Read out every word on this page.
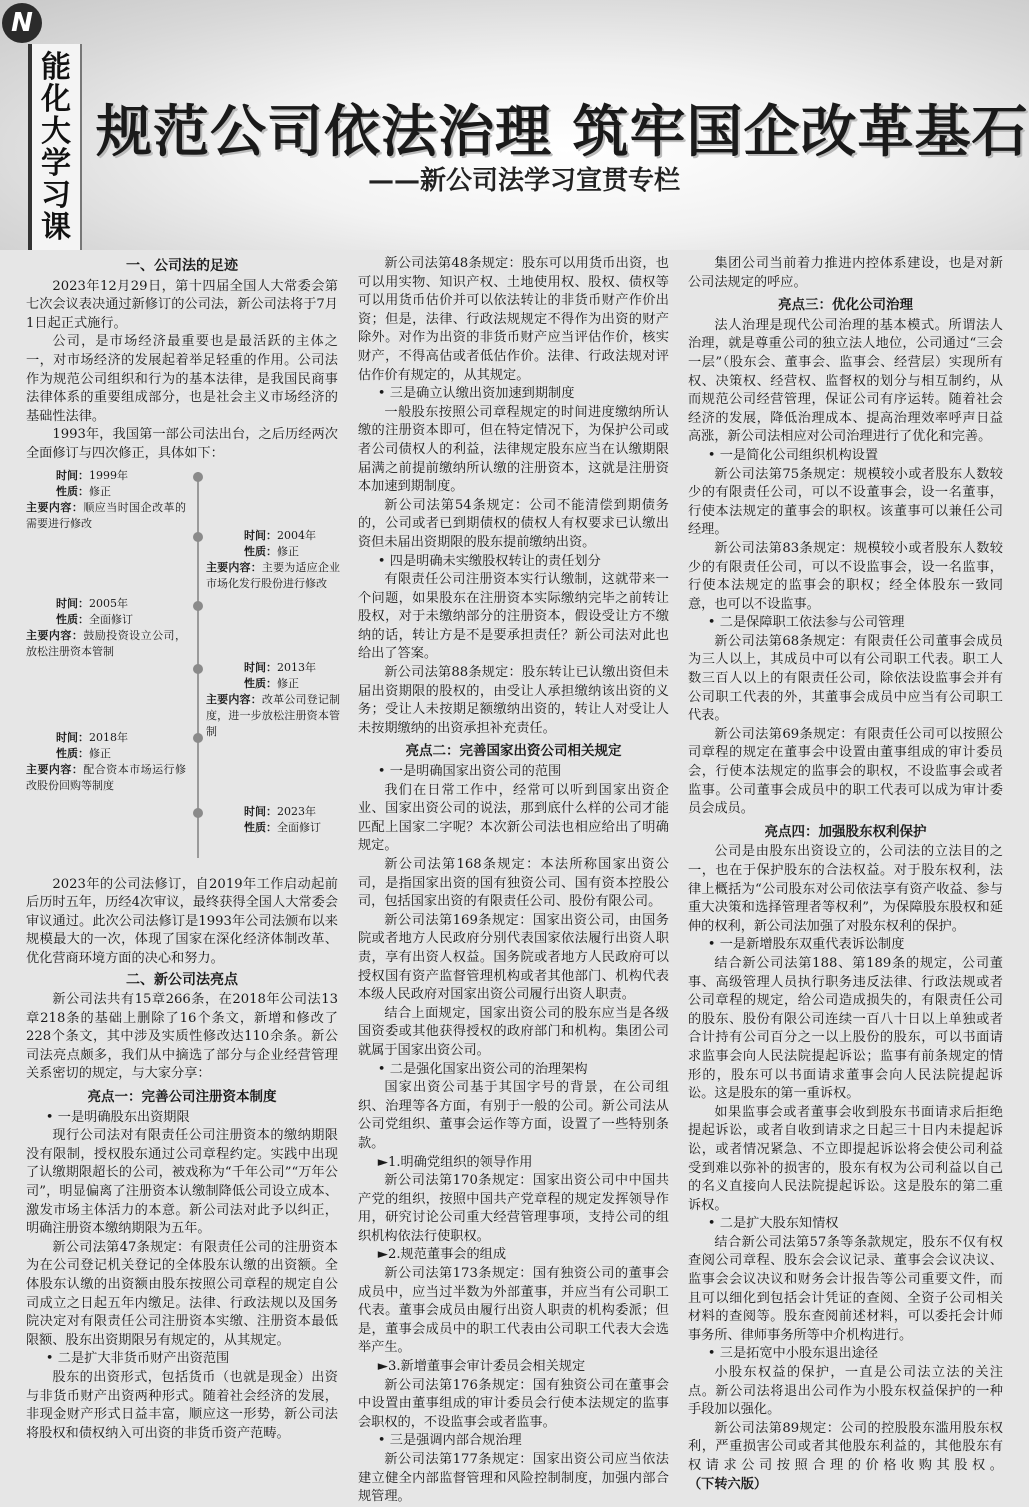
N
能
化
大
学
习
课
规范公司依法治理 筑牢国企改革基石
——新公司法学习宣贯专栏
一、公司法的足迹

2023年12月29日，第十四届全国人大常委会第七次会议表决通过新修订的公司法，新公司法将于7月1日起正式施行。

公司，是市场经济最重要也是最活跃的主体之一，对市场经济的发展起着举足轻重的作用。公司法作为规范公司组织和行为的基本法律，是我国民商事法律体系的重要组成部分，也是社会主义市场经济的基础性法律。

1993年，我国第一部公司法出台，之后历经两次全面修订与四次修正，具体如下：

时间：1999年
性质：修正
主要内容：顺应当时国企改革的需要进行修改
时间：2004年
性质：修正
主要内容：主要为适应企业市场化发行股份进行修改
时间：2005年
性质：全面修订
主要内容：鼓励投资设立公司，放松注册资本管制
时间：2013年
性质：修正
主要内容：改革公司登记制度，进一步放松注册资本管制
时间：2018年
性质：修正
主要内容：配合资本市场运行修改股份回购等制度
时间：2023年
性质：全面修订

2023年的公司法修订，自2019年工作启动起前后历时五年，历经4次审议，最终获得全国人大常委会审议通过。此次公司法修订是1993年公司法颁布以来规模最大的一次，体现了国家在深化经济体制改革、优化营商环境方面的决心和努力。

二、新公司法亮点

新公司法共有15章266条，在2018年公司法13章218条的基础上删除了16个条文，新增和修改了228个条文，其中涉及实质性修改达110余条。新公司法亮点颇多，我们从中摘选了部分与企业经营管理关系密切的规定，与大家分享：

亮点一：完善公司注册资本制度

• 一是明确股东出资期限

现行公司法对有限责任公司注册资本的缴纳期限没有限制，授权股东通过公司章程约定。实践中出现了认缴期限超长的公司，被戏称为“千年公司”“万年公司”，明显偏离了注册资本认缴制降低公司设立成本、激发市场主体活力的本意。新公司法对此予以纠正，明确注册资本缴纳期限为五年。

新公司法第47条规定：有限责任公司的注册资本为在公司登记机关登记的全体股东认缴的出资额。全体股东认缴的出资额由股东按照公司章程的规定自公司成立之日起五年内缴足。法律、行政法规以及国务院决定对有限责任公司注册资本实缴、注册资本最低限额、股东出资期限另有规定的，从其规定。

• 二是扩大非货币财产出资范围

股东的出资形式，包括货币（也就是现金）出资与非货币财产出资两种形式。随着社会经济的发展，非现金财产形式日益丰富，顺应这一形势，新公司法将股权和债权纳入可出资的非货币资产范畴。

新公司法第48条规定：股东可以用货币出资，也可以用实物、知识产权、土地使用权、股权、债权等可以用货币估价并可以依法转让的非货币财产作价出资；但是，法律、行政法规规定不得作为出资的财产除外。对作为出资的非货币财产应当评估作价，核实财产，不得高估或者低估作价。法律、行政法规对评估作价有规定的，从其规定。

• 三是确立认缴出资加速到期制度

一般股东按照公司章程规定的时间进度缴纳所认缴的注册资本即可，但在特定情况下，为保护公司或者公司债权人的利益，法律规定股东应当在认缴期限届满之前提前缴纳所认缴的注册资本，这就是注册资本加速到期制度。

新公司法第54条规定：公司不能清偿到期债务的，公司或者已到期债权的债权人有权要求已认缴出资但未届出资期限的股东提前缴纳出资。

• 四是明确未实缴股权转让的责任划分

有限责任公司注册资本实行认缴制，这就带来一个问题，如果股东在注册资本实际缴纳完毕之前转让股权，对于未缴纳部分的注册资本，假设受让方不缴纳的话，转让方是不是要承担责任？新公司法对此也给出了答案。

新公司法第88条规定：股东转让已认缴出资但未届出资期限的股权的，由受让人承担缴纳该出资的义务；受让人未按期足额缴纳出资的，转让人对受让人未按期缴纳的出资承担补充责任。

亮点二：完善国家出资公司相关规定

• 一是明确国家出资公司的范围

我们在日常工作中，经常可以听到国家出资企业、国家出资公司的说法，那到底什么样的公司才能匹配上国家二字呢？本次新公司法也相应给出了明确规定。

新公司法第168条规定：本法所称国家出资公司，是指国家出资的国有独资公司、国有资本控股公司，包括国家出资的有限责任公司、股份有限公司。

新公司法第169条规定：国家出资公司，由国务院或者地方人民政府分别代表国家依法履行出资人职责，享有出资人权益。国务院或者地方人民政府可以授权国有资产监督管理机构或者其他部门、机构代表本级人民政府对国家出资公司履行出资人职责。

结合上面规定，国家出资公司的股东应当是各级国资委或其他获得授权的政府部门和机构。集团公司就属于国家出资公司。

• 二是强化国家出资公司的治理架构

国家出资公司基于其国字号的背景，在公司组织、治理等各方面，有别于一般的公司。新公司法从公司党组织、董事会运作等方面，设置了一些特别条款。

►1.明确党组织的领导作用

新公司法第170条规定：国家出资公司中中国共产党的组织，按照中国共产党章程的规定发挥领导作用，研究讨论公司重大经营管理事项，支持公司的组织机构依法行使职权。

►2.规范董事会的组成

新公司法第173条规定：国有独资公司的董事会成员中，应当过半数为外部董事，并应当有公司职工代表。董事会成员由履行出资人职责的机构委派；但是，董事会成员中的职工代表由公司职工代表大会选举产生。

►3.新增董事会审计委员会相关规定

新公司法第176条规定：国有独资公司在董事会中设置由董事组成的审计委员会行使本法规定的监事会职权的，不设监事会或者监事。

• 三是强调内部合规治理

新公司法第177条规定：国家出资公司应当依法建立健全内部监督管理和风险控制制度，加强内部合规管理。

集团公司当前着力推进内控体系建设，也是对新公司法规定的呼应。

亮点三：优化公司治理

法人治理是现代公司治理的基本模式。所谓法人治理，就是尊重公司的独立法人地位，公司通过“三会一层”（股东会、董事会、监事会、经营层）实现所有权、决策权、经营权、监督权的划分与相互制约，从而规范公司经营管理，保证公司有序运转。随着社会经济的发展，降低治理成本、提高治理效率呼声日益高涨，新公司法相应对公司治理进行了优化和完善。

• 一是简化公司组织机构设置

新公司法第75条规定：规模较小或者股东人数较少的有限责任公司，可以不设董事会，设一名董事，行使本法规定的董事会的职权。该董事可以兼任公司经理。

新公司法第83条规定：规模较小或者股东人数较少的有限责任公司，可以不设监事会，设一名监事，行使本法规定的监事会的职权；经全体股东一致同意，也可以不设监事。

• 二是保障职工依法参与公司管理

新公司法第68条规定：有限责任公司董事会成员为三人以上，其成员中可以有公司职工代表。职工人数三百人以上的有限责任公司，除依法设监事会并有公司职工代表的外，其董事会成员中应当有公司职工代表。

新公司法第69条规定：有限责任公司可以按照公司章程的规定在董事会中设置由董事组成的审计委员会，行使本法规定的监事会的职权，不设监事会或者监事。公司董事会成员中的职工代表可以成为审计委员会成员。

亮点四：加强股东权利保护

公司是由股东出资设立的，公司法的立法目的之一，也在于保护股东的合法权益。对于股东权利，法律上概括为“公司股东对公司依法享有资产收益、参与重大决策和选择管理者等权利”，为保障股东股权和延伸的权利，新公司法加强了对股东权利的保护。

• 一是新增股东双重代表诉讼制度

结合新公司法第188、第189条的规定，公司董事、高级管理人员执行职务违反法律、行政法规或者公司章程的规定，给公司造成损失的，有限责任公司的股东、股份有限公司连续一百八十日以上单独或者合计持有公司百分之一以上股份的股东，可以书面请求监事会向人民法院提起诉讼；监事有前条规定的情形的，股东可以书面请求董事会向人民法院提起诉讼。这是股东的第一重诉权。

如果监事会或者董事会收到股东书面请求后拒绝提起诉讼，或者自收到请求之日起三十日内未提起诉讼，或者情况紧急、不立即提起诉讼将会使公司利益受到难以弥补的损害的，股东有权为公司利益以自己的名义直接向人民法院提起诉讼。这是股东的第二重诉权。

• 二是扩大股东知情权

结合新公司法第57条等条款规定，股东不仅有权查阅公司章程、股东会会议记录、董事会会议决议、监事会会议决议和财务会计报告等公司重要文件，而且可以细化到包括会计凭证的查阅、全资子公司相关材料的查阅等。股东查阅前述材料，可以委托会计师事务所、律师事务所等中介机构进行。

• 三是拓宽中小股东退出途径

小股东权益的保护，一直是公司法立法的关注点。新公司法将退出公司作为小股东权益保护的一种手段加以强化。

新公司法第89规定：公司的控股股东滥用股东权利，严重损害公司或者其他股东利益的，其他股东有权请求公司按照合理的价格收购其股权。 （下转六版）
